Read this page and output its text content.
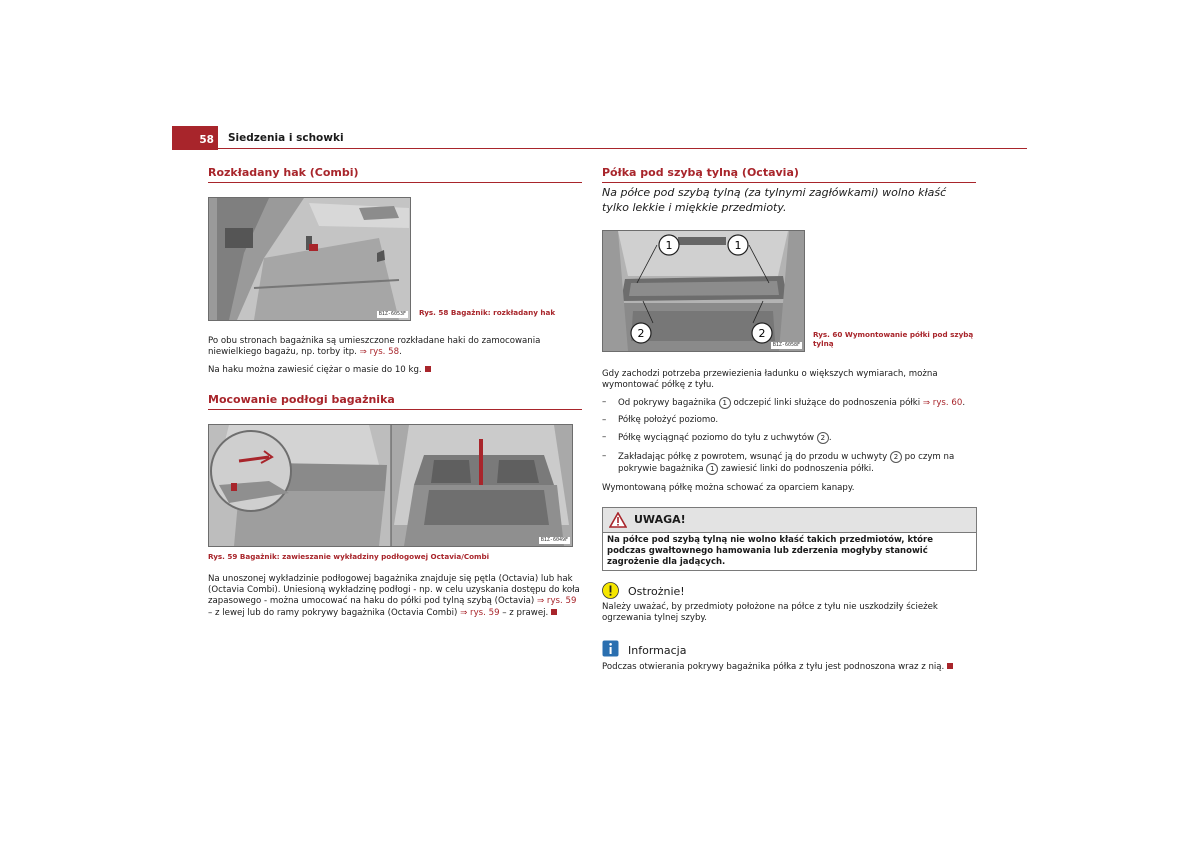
58	Siedzenia i schowki
Rozkładany hak (Combi)
B1Z-6053F Rys. 58 Bagażnik: rozkładany hak
Po obu stronach bagażnika są umieszczone rozkładane haki do zamocowania niewielkiego bagażu, np. torby itp. ⇒ rys. 58.
Na haku można zawiesić ciężar o masie do 10 kg.
Mocowanie podłogi bagażnika
B1Z-6049F
Rys. 59 Bagażnik: zawieszanie wykładziny podłogowej Octavia/Combi
Na unoszonej wykładzinie podłogowej bagażnika znajduje się pętla (Octavia) lub hak (Octavia Combi). Uniesioną wykładzinę podłogi - np. w celu uzyskania dostępu do koła zapasowego - można umocować na haku do półki pod tylną szybą (Octavia) ⇒ rys. 59 – z lewej lub do ramy pokrywy bagażnika (Octavia Combi) ⇒ rys. 59 – z prawej.
Półka pod szybą tylną (Octavia)
Na półce pod szybą tylną (za tylnymi zagłówkami) wolno kłaść tylko lekkie i miękkie przedmioty.
1	1
2	2
B1Z-6058F
Rys. 60 Wymontowanie półki pod szybą tylną
Gdy zachodzi potrzeba przewiezienia ładunku o większych wymiarach, można wymontować półkę z tyłu.
– Od pokrywy bagażnika 1 odczepić linki służące do podnoszenia półki ⇒ rys. 60.
– Półkę położyć poziomo.
– Półkę wyciągnąć poziomo do tyłu z uchwytów 2 .
– Zakładając półkę z powrotem, wsunąć ją do przodu w uchwyty 2 po czym na pokrywie bagażnika 1 zawiesić linki do podnoszenia półki.
Wymontowaną półkę można schować za oparciem kanapy.
UWAGA!
Na półce pod szybą tylną nie wolno kłaść takich przedmiotów, które podczas gwałtownego hamowania lub zderzenia mogłyby stanowić zagrożenie dla jadących.
Ostrożnie!
Należy uważać, by przedmioty położone na półce z tyłu nie uszkodziły ścieżek ogrzewania tylnej szyby.
Informacja
Podczas otwierania pokrywy bagażnika półka z tyłu jest podnoszona wraz z nią.
